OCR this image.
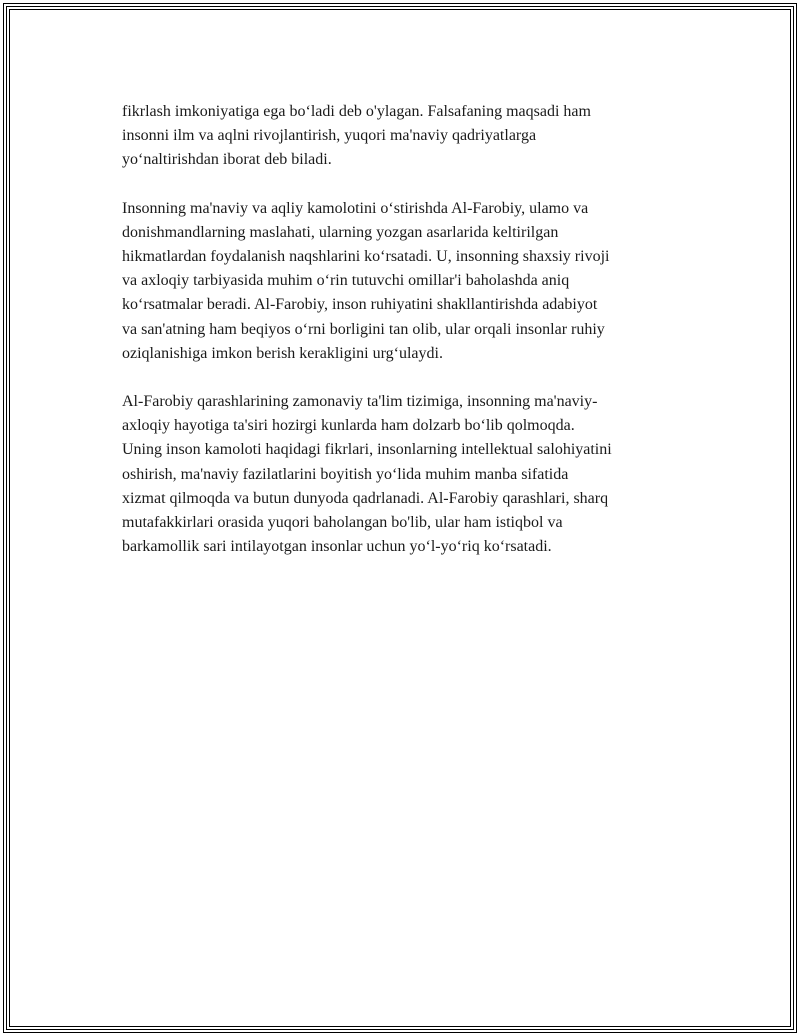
fikrlash imkoniyatiga ega bo‘ladi deb o'ylagan. Falsafaning maqsadi ham
insonni ilm va aqlni rivojlantirish, yuqori ma'naviy qadriyatlarga
yo‘naltirishdan iborat deb biladi.

Insonning ma'naviy va aqliy kamolotini o‘stirishda Al-Farobiy, ulamo va
donishmandlarning maslahati, ularning yozgan asarlarida keltirilgan
hikmatlardan foydalanish naqshlarini ko‘rsatadi. U, insonning shaxsiy rivoji
va axloqiy tarbiyasida muhim o‘rin tutuvchi omillar'i baholashda aniq
ko‘rsatmalar beradi. Al-Farobiy, inson ruhiyatini shakllantirishda adabiyot
va san'atning ham beqiyos o‘rni borligini tan olib, ular orqali insonlar ruhiy
oziqlanishiga imkon berish kerakligini urg‘ulaydi.

Al-Farobiy qarashlarining zamonaviy ta'lim tizimiga, insonning ma'naviy-
axloqiy hayotiga ta'siri hozirgi kunlarda ham dolzarb bo‘lib qolmoqda.
Uning inson kamoloti haqidagi fikrlari, insonlarning intellektual salohiyatini
oshirish, ma'naviy fazilatlarini boyitish yo‘lida muhim manba sifatida
xizmat qilmoqda va butun dunyoda qadrlanadi. Al-Farobiy qarashlari, sharq
mutafakkirlari orasida yuqori baholangan bo'lib, ular ham istiqbol va
barkamollik sari intilayotgan insonlar uchun yo‘l-yo‘riq ko‘rsatadi.
